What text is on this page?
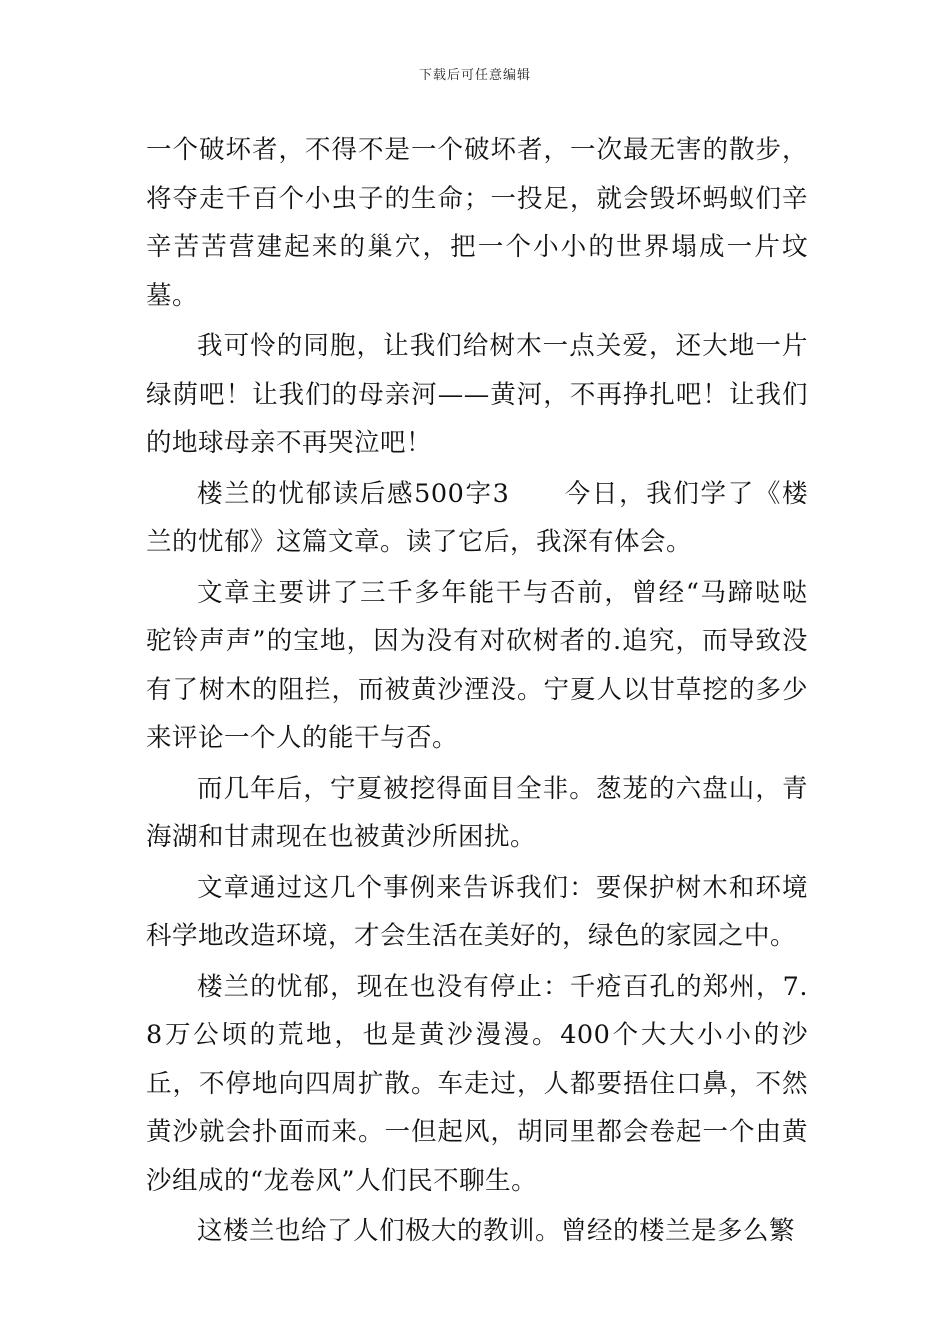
下载后可任意编辑

一个破坏者，不得不是一个破坏者，一次最无害的散步，将夺走千百个小虫子的生命；一投足，就会毁坏蚂蚁们辛辛苦苦营建起来的巢穴，把一个小小的世界塌成一片坟墓。

我可怜的同胞，让我们给树木一点关爱，还大地一片绿荫吧！让我们的母亲河——黄河，不再挣扎吧！让我们的地球母亲不再哭泣吧！

楼兰的忧郁读后感500字3　　今日，我们学了《楼兰的忧郁》这篇文章。读了它后，我深有体会。

文章主要讲了三千多年能干与否前，曾经“马蹄哒哒驼铃声声”的宝地，因为没有对砍树者的.追究，而导致没有了树木的阻拦，而被黄沙湮没。宁夏人以甘草挖的多少来评论一个人的能干与否。

而几年后，宁夏被挖得面目全非。葱茏的六盘山，青海湖和甘肃现在也被黄沙所困扰。

文章通过这几个事例来告诉我们：要保护树木和环境科学地改造环境，才会生活在美好的，绿色的家园之中。

楼兰的忧郁，现在也没有停止：千疮百孔的郑州，7.8万公顷的荒地，也是黄沙漫漫。400个大大小小的沙丘，不停地向四周扩散。车走过，人都要捂住口鼻，不然黄沙就会扑面而来。一但起风，胡同里都会卷起一个由黄沙组成的“龙卷风”人们民不聊生。

这楼兰也给了人们极大的教训。曾经的楼兰是多么繁
